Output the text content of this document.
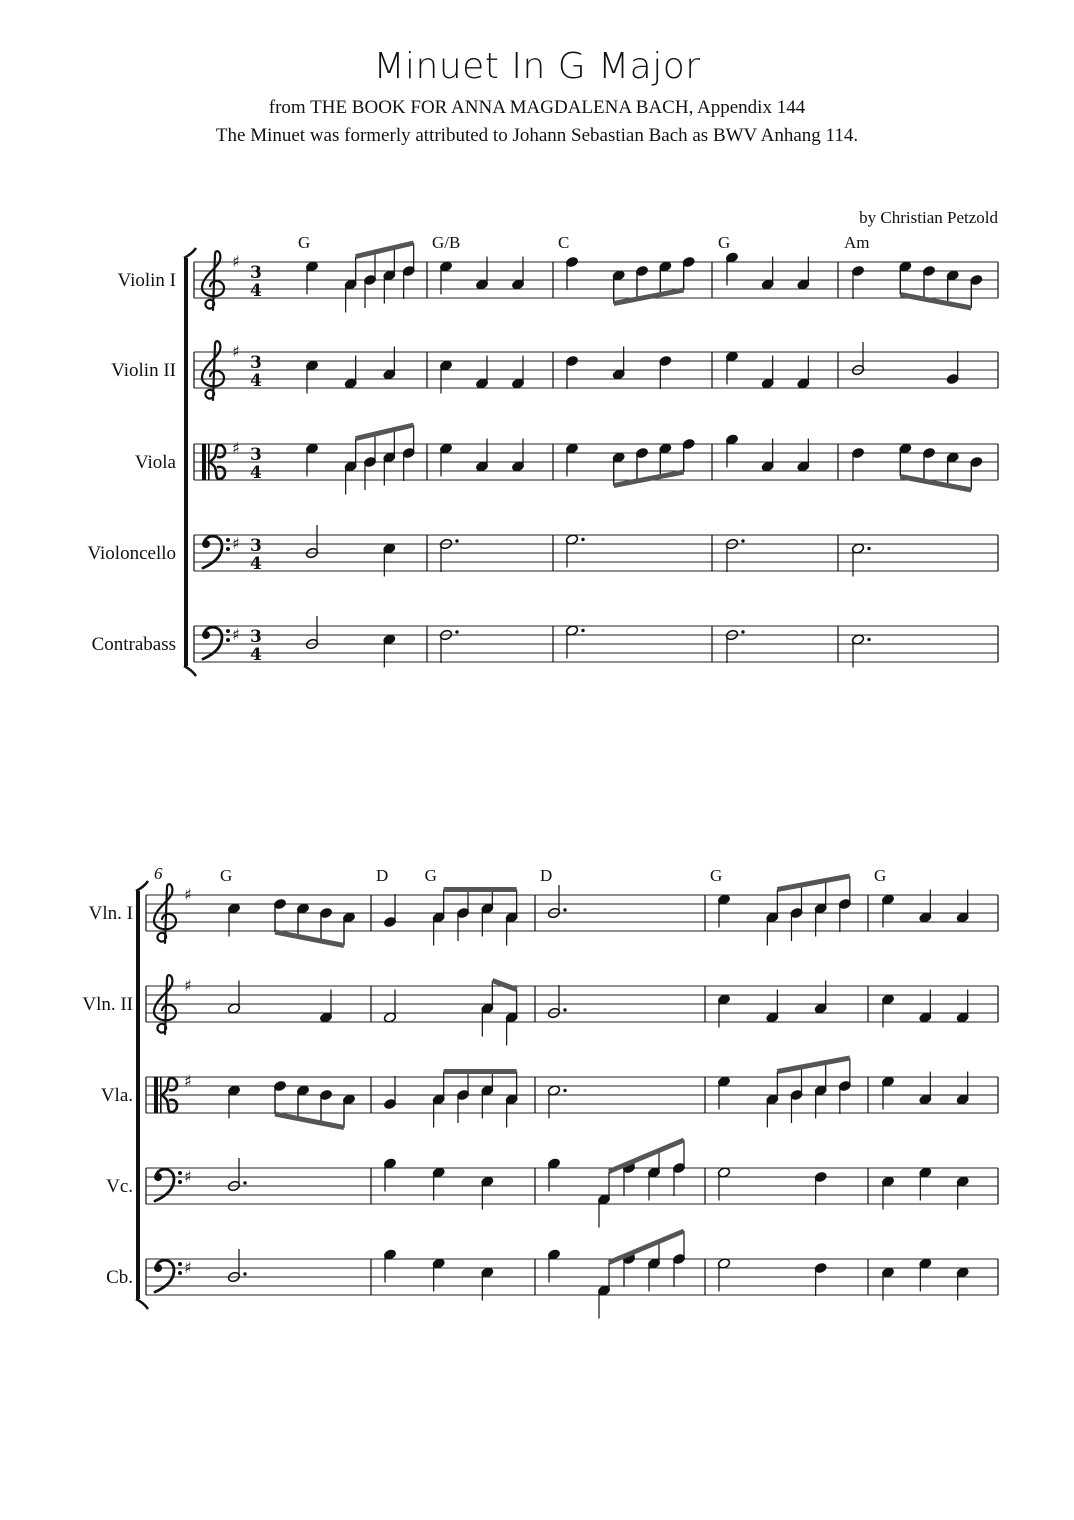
Minuet In G Major
from THE BOOK FOR ANNA MAGDALENA BACH, Appendix 144
The Minuet was formerly attributed to Johann Sebastian Bach as BWV Anhang 114.
by Christian Petzold
Violin I
♯
3
4
Violin II
♯
3
4
Viola
♯ 3
4
Violoncello	♯ 3
4
Contrabass	♯ 3
4
G	G/B	C	G	Am
Vln. I
♯
Vln. II
♯
Vla.
♯
Vc.	♯
Cb.	♯
6	G	D G	D	G	G
